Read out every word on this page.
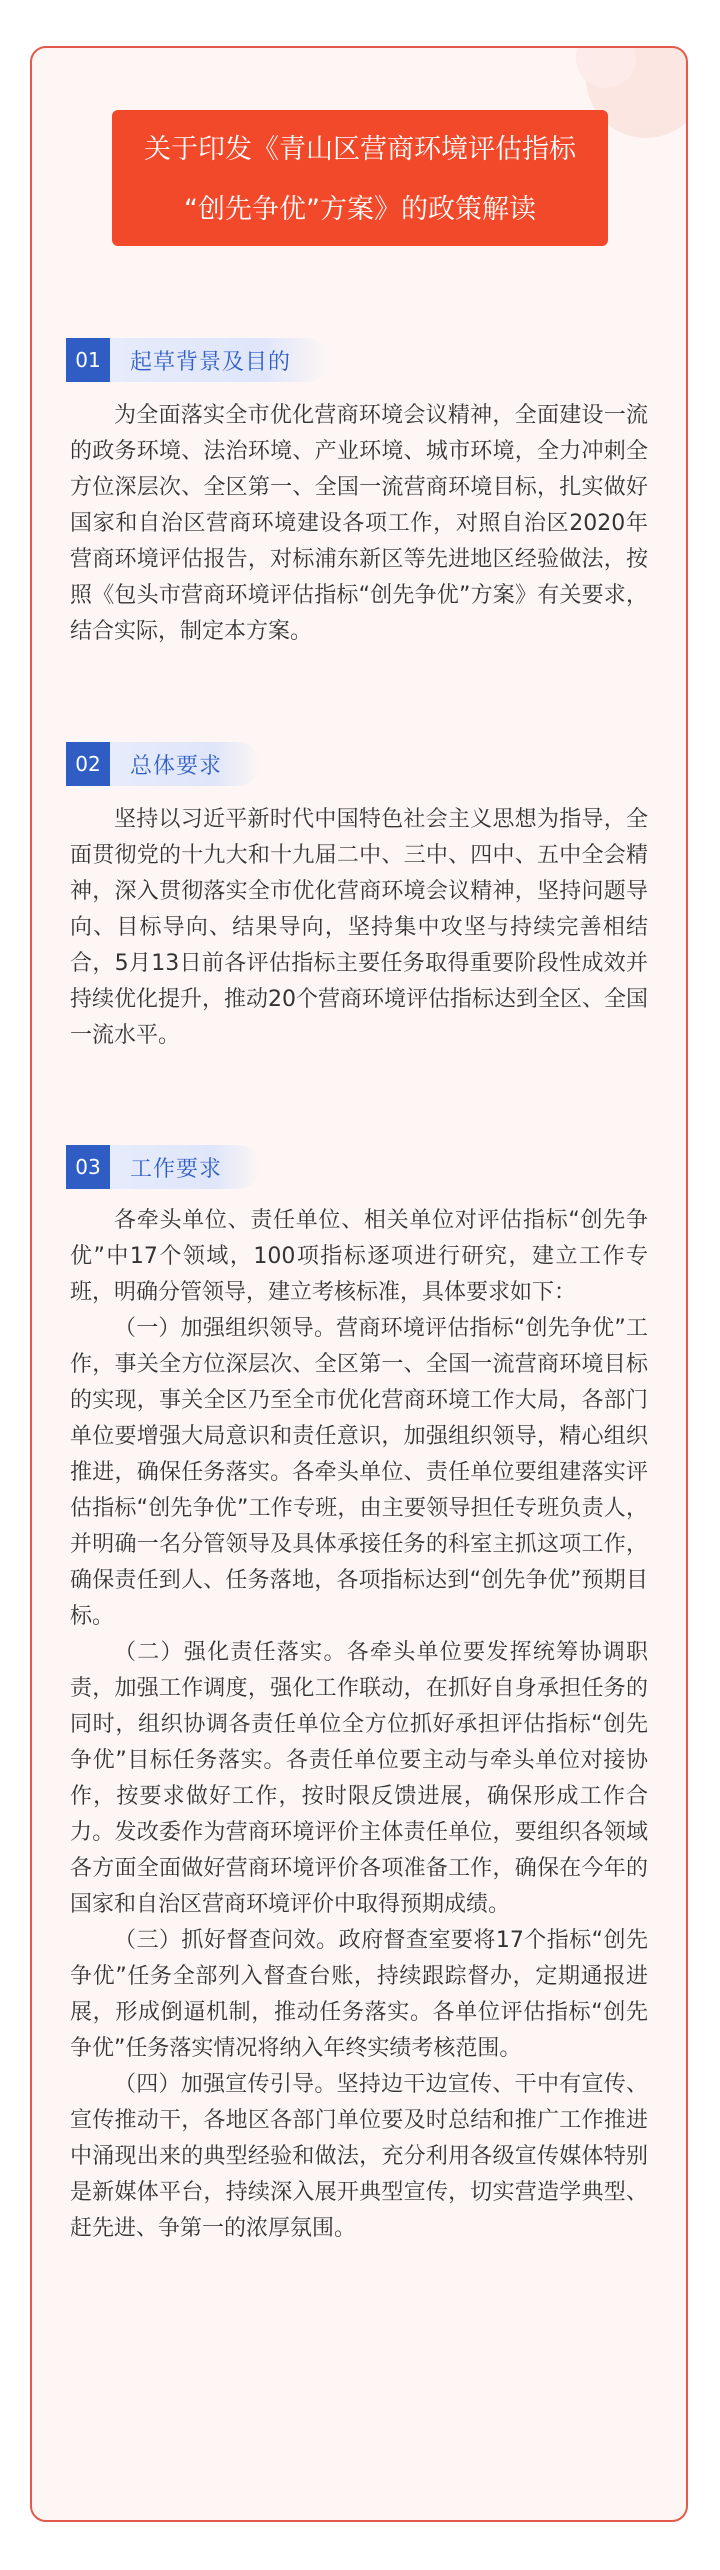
关于印发《青山区营商环境评估指标
“创先争优”方案》的政策解读
01	起草背景及目的

为全面落实全市优化营商环境会议精神，全面建设一流的政务环境、法治环境、产业环境、城市环境，全力冲刺全方位深层次、全区第一、全国一流营商环境目标，扎实做好国家和自治区营商环境建设各项工作，对照自治区2020年营商环境评估报告，对标浦东新区等先进地区经验做法，按照《包头市营商环境评估指标“创先争优”方案》有关要求，结合实际，制定本方案。

02	总体要求

坚持以习近平新时代中国特色社会主义思想为指导，全面贯彻党的十九大和十九届二中、三中、四中、五中全会精神，深入贯彻落实全市优化营商环境会议精神，坚持问题导向、目标导向、结果导向，坚持集中攻坚与持续完善相结合，5月13日前各评估指标主要任务取得重要阶段性成效并持续优化提升，推动20个营商环境评估指标达到全区、全国一流水平。

03	工作要求

各牵头单位、责任单位、相关单位对评估指标“创先争优”中17个领域，100项指标逐项进行研究，建立工作专班，明确分管领导，建立考核标准，具体要求如下：

（一）加强组织领导。营商环境评估指标“创先争优”工作，事关全方位深层次、全区第一、全国一流营商环境目标的实现，事关全区乃至全市优化营商环境工作大局，各部门单位要增强大局意识和责任意识，加强组织领导，精心组织推进，确保任务落实。各牵头单位、责任单位要组建落实评估指标“创先争优”工作专班，由主要领导担任专班负责人，并明确一名分管领导及具体承接任务的科室主抓这项工作，确保责任到人、任务落地，各项指标达到“创先争优”预期目标。

（二）强化责任落实。各牵头单位要发挥统筹协调职责，加强工作调度，强化工作联动，在抓好自身承担任务的同时，组织协调各责任单位全方位抓好承担评估指标“创先争优”目标任务落实。各责任单位要主动与牵头单位对接协作，按要求做好工作，按时限反馈进展，确保形成工作合力。发改委作为营商环境评价主体责任单位，要组织各领域各方面全面做好营商环境评价各项准备工作，确保在今年的国家和自治区营商环境评价中取得预期成绩。

（三）抓好督查问效。政府督查室要将17个指标“创先争优”任务全部列入督查台账，持续跟踪督办，定期通报进展，形成倒逼机制，推动任务落实。各单位评估指标“创先争优”任务落实情况将纳入年终实绩考核范围。

（四）加强宣传引导。坚持边干边宣传、干中有宣传、宣传推动干，各地区各部门单位要及时总结和推广工作推进中涌现出来的典型经验和做法，充分利用各级宣传媒体特别是新媒体平台，持续深入展开典型宣传，切实营造学典型、赶先进、争第一的浓厚氛围。
